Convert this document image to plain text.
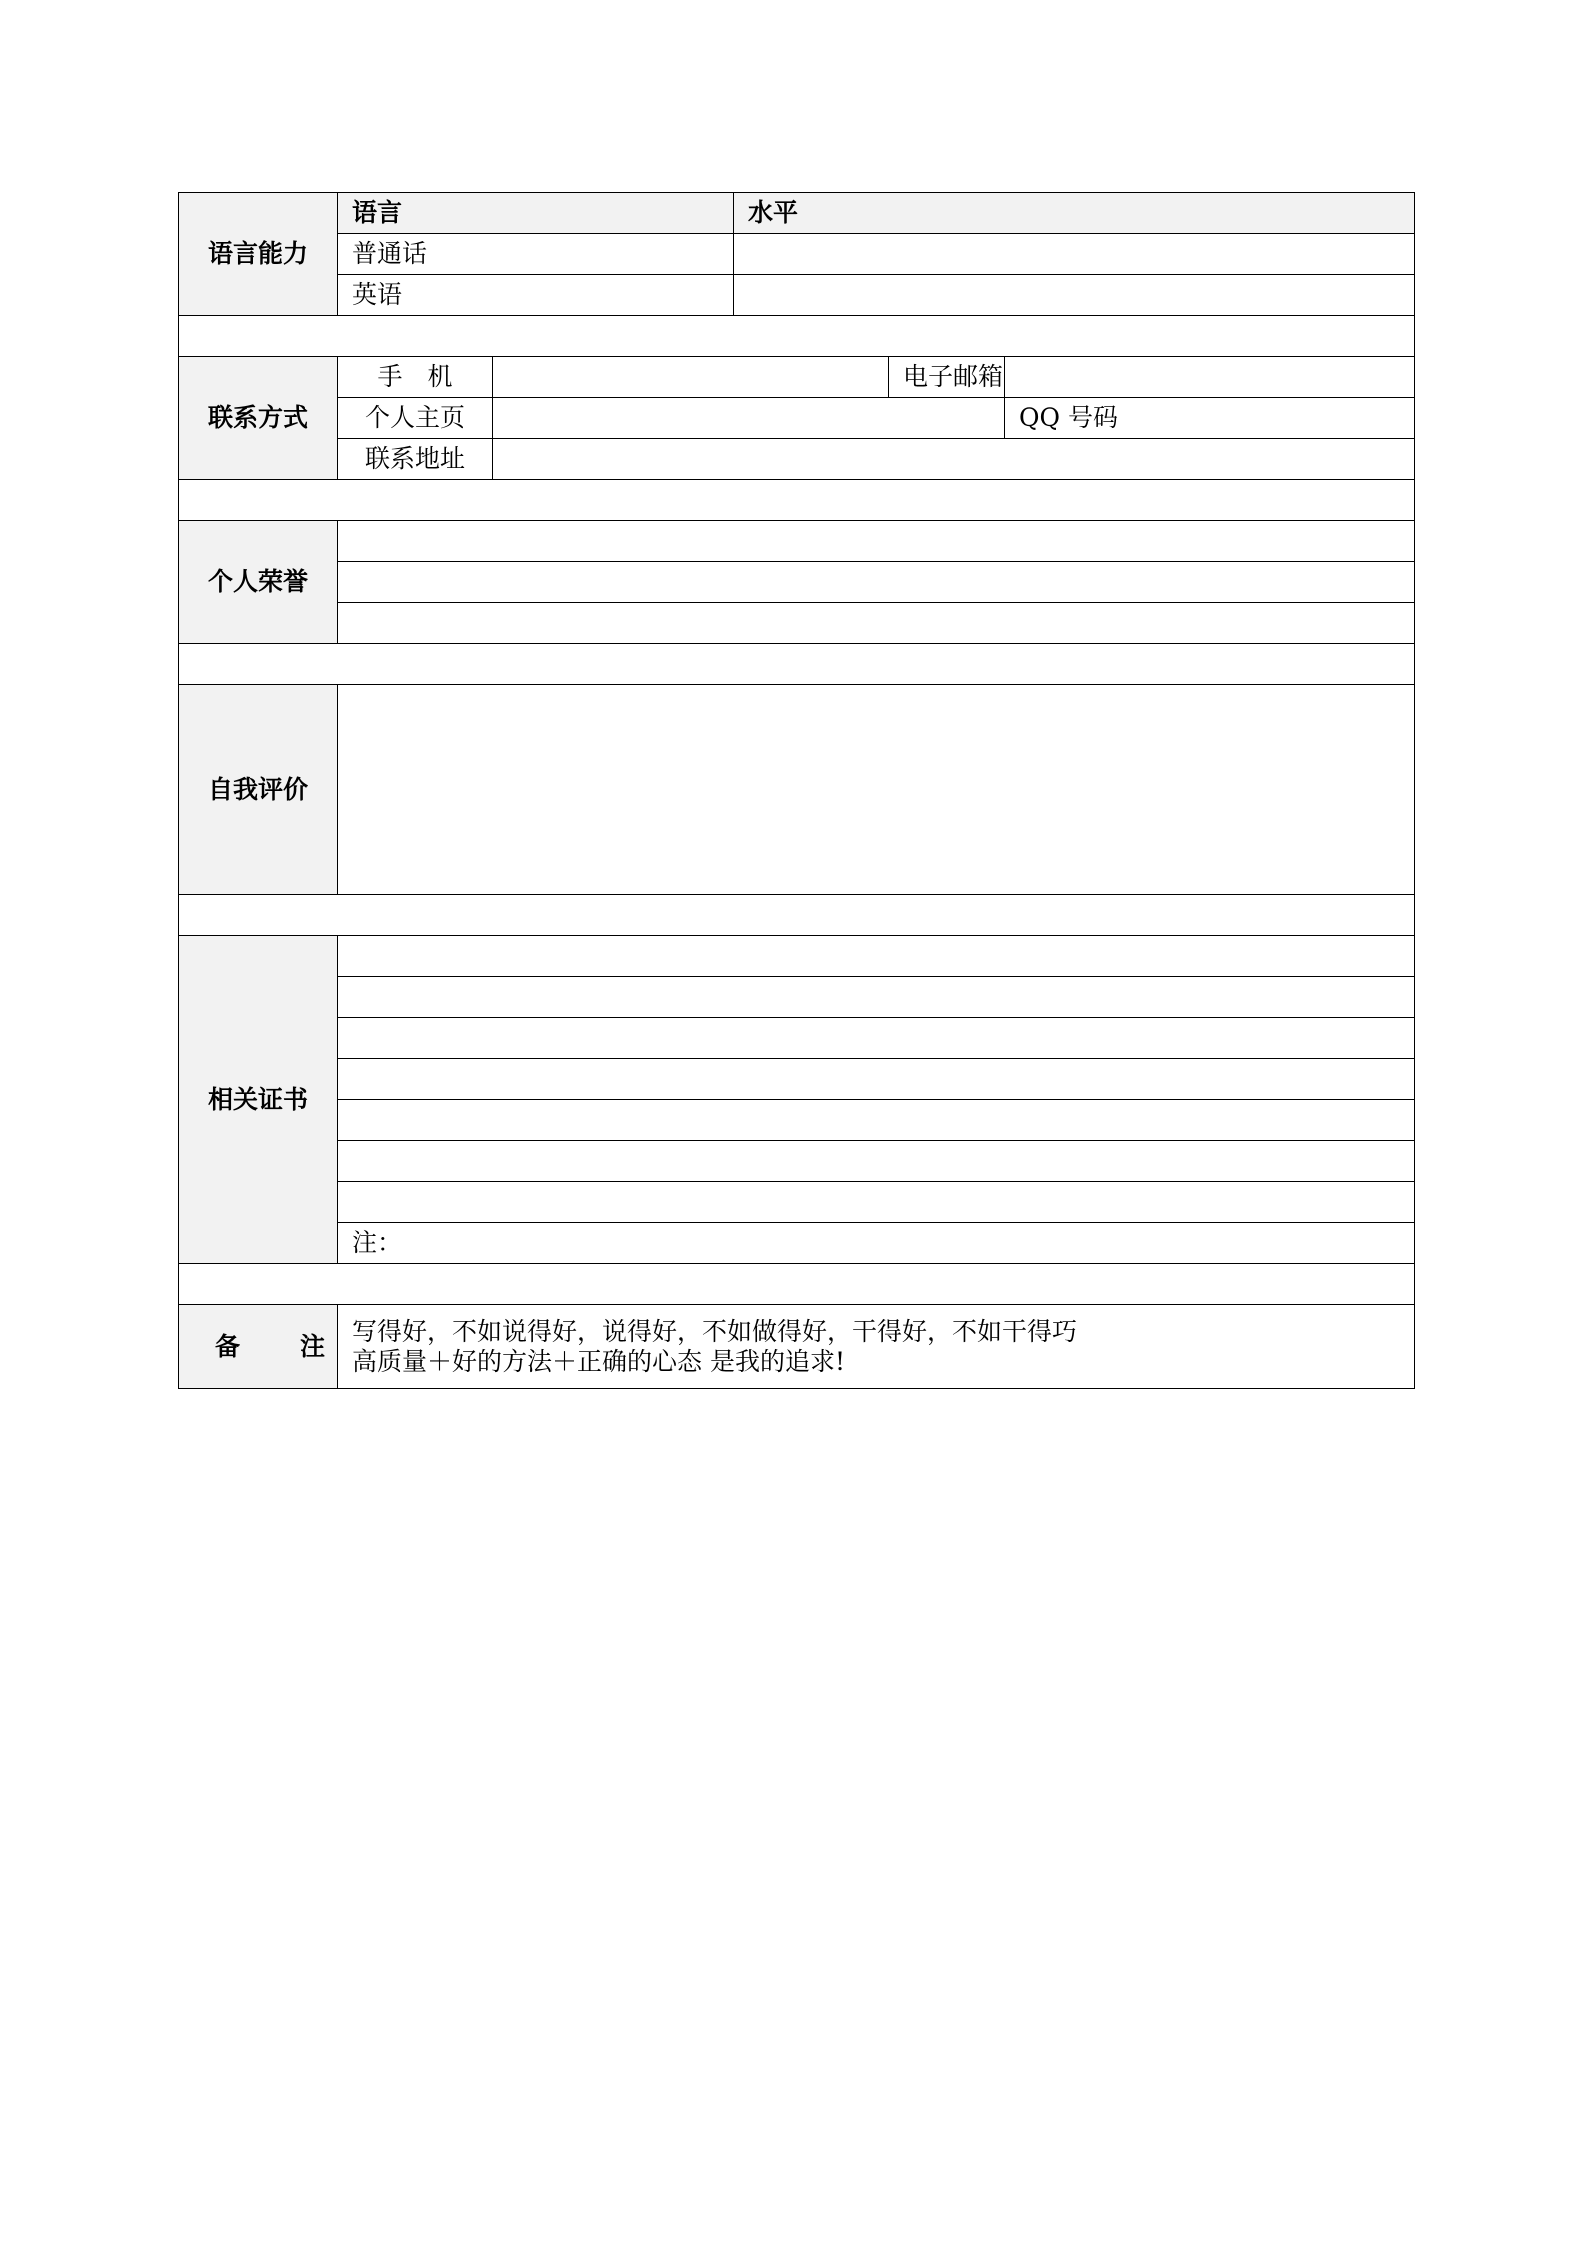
语言能力	语言		水平			
	普通话					
	英语					

联系方式	手　机			电子邮箱		
	个人主页				QQ 号码	
	联系地址					

个人荣誉						

自我评价						

相关证书						

	注：					

备注	写得好，不如说得好，说得好，不如做得好，干得好，不如干得巧
高质量＋好的方法＋正确的心态 是我的追求!					
